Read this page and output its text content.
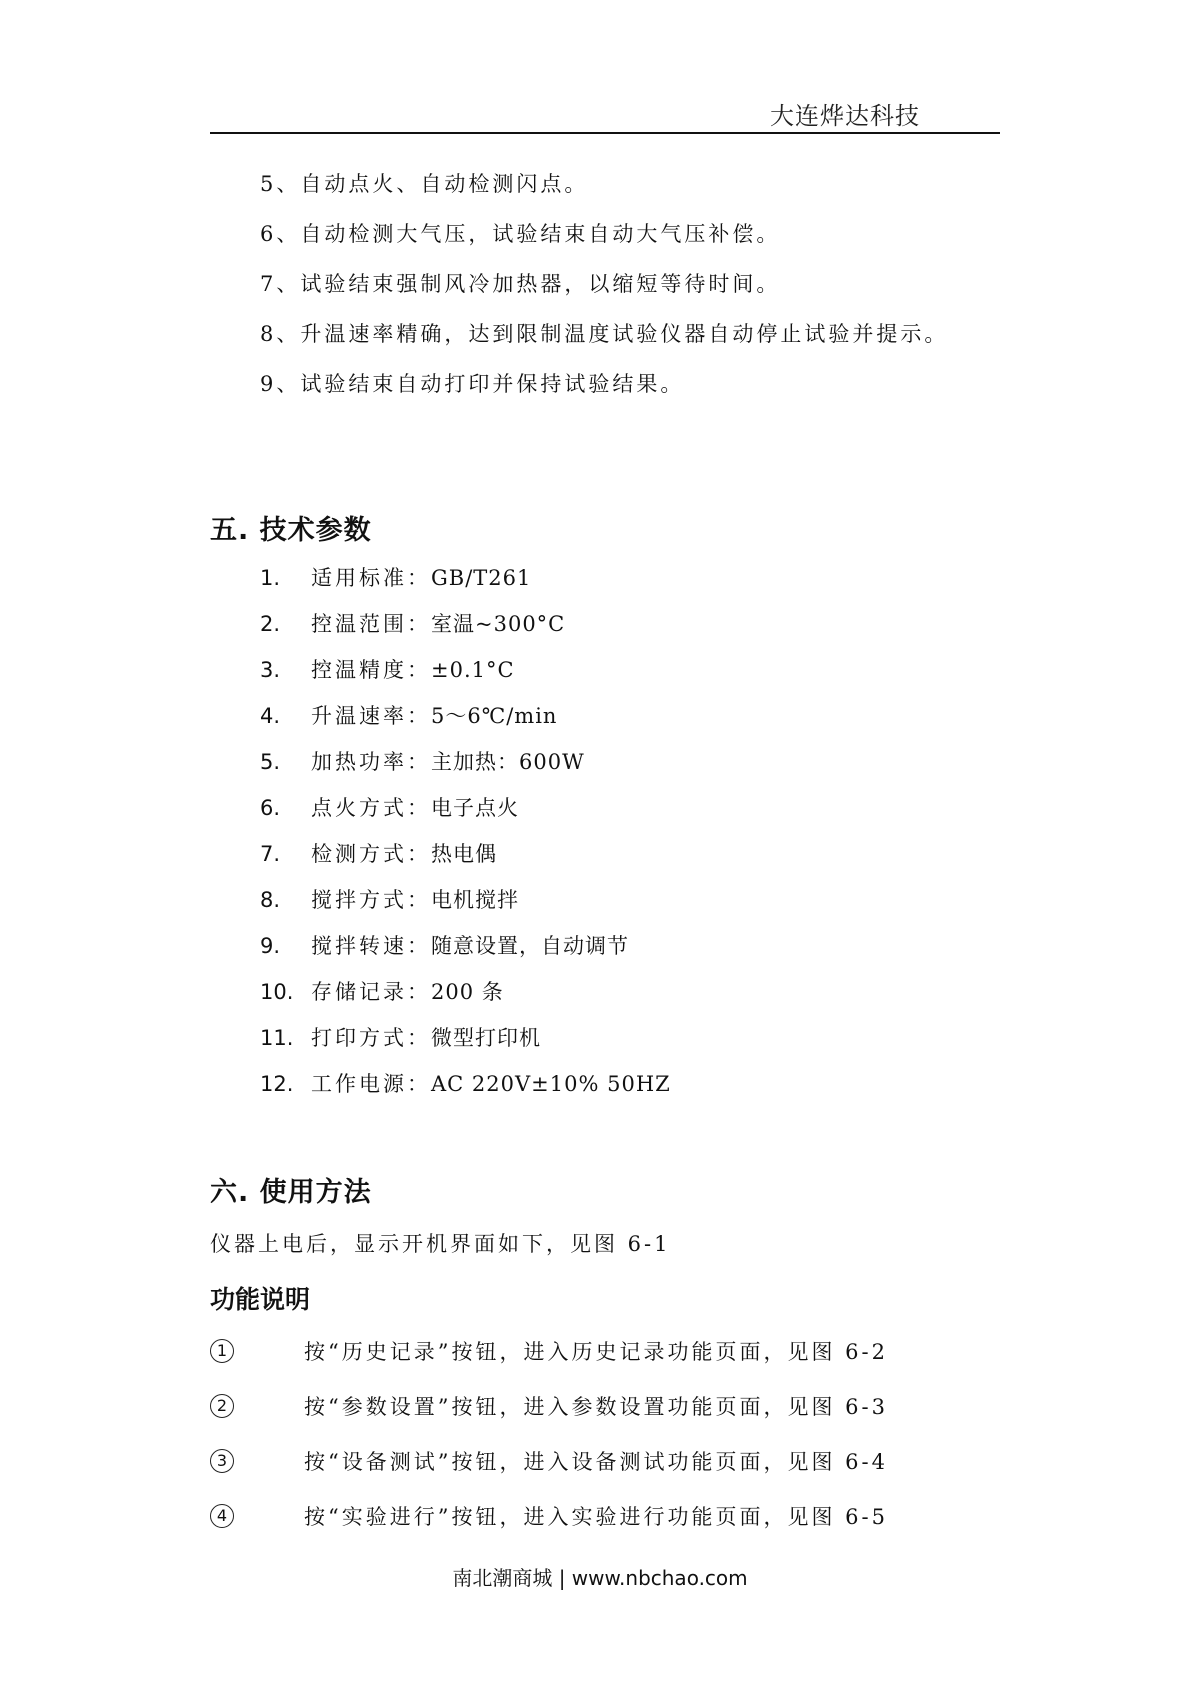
大连烨达科技
5、自动点火、自动检测闪点。
6、自动检测大气压，试验结束自动大气压补偿。
7、试验结束强制风冷加热器，以缩短等待时间。
8、升温速率精确，达到限制温度试验仪器自动停止试验并提示。
9、试验结束自动打印并保持试验结果。
五. 技术参数
1.	适用标准： GB/T261
2.	控温范围： 室温~300°C
3.	控温精度： ±0.1°C
4.	升温速率： 5～6℃/min
5.	加热功率： 主加热：600W
6.	点火方式： 电子点火
7.	检测方式： 热电偶
8.	搅拌方式： 电机搅拌
9.	搅拌转速： 随意设置，自动调节
10. 存储记录： 200 条
11. 打印方式： 微型打印机
12. 工作电源： AC 220V±10% 50HZ
六. 使用方法
仪器上电后，显示开机界面如下，见图 6-1
功能说明
1	按“历史记录”按钮，进入历史记录功能页面，见图 6-2
2	按“参数设置”按钮，进入参数设置功能页面，见图 6-3
3	按“设备测试”按钮，进入设备测试功能页面，见图 6-4
4	按“实验进行”按钮，进入实验进行功能页面，见图 6-5
南北潮商城 | www.nbchao.com
